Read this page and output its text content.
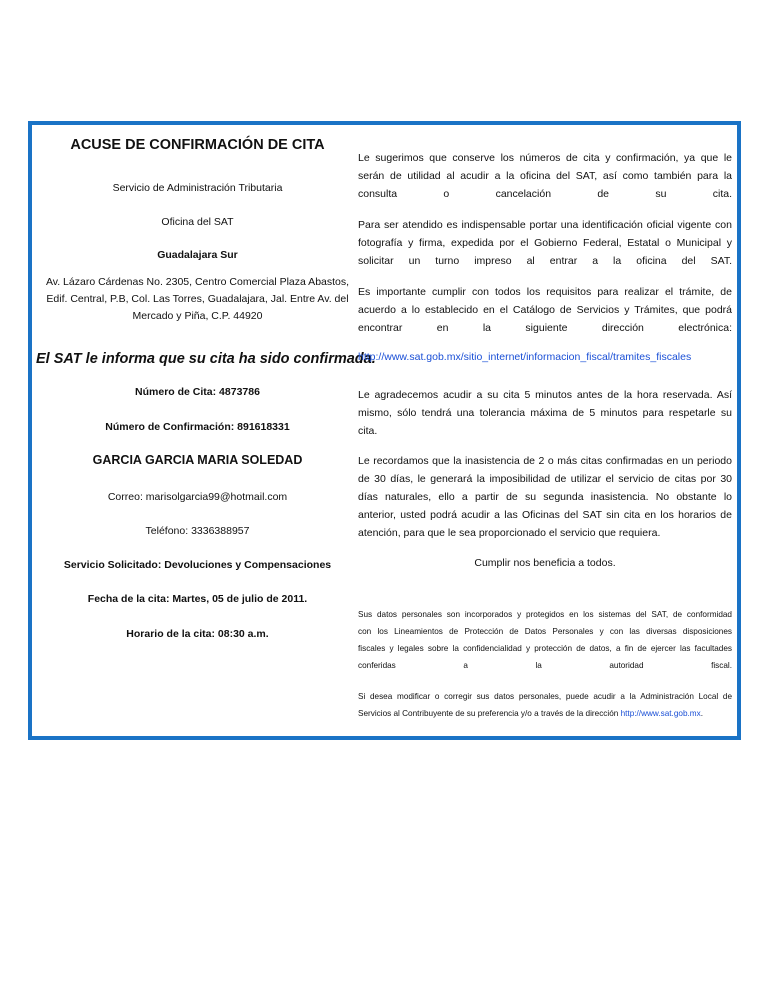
ACUSE DE CONFIRMACIÓN DE CITA
Servicio de Administración Tributaria
Oficina del SAT
Guadalajara Sur
Av. Lázaro Cárdenas No. 2305, Centro Comercial Plaza Abastos,
Edif. Central, P.B, Col. Las Torres, Guadalajara, Jal. Entre Av. del
Mercado y Piña, C.P. 44920
El SAT le informa que su cita ha sido confirmada.
Número de Cita: 4873786
Número de Confirmación: 891618331
GARCIA GARCIA MARIA SOLEDAD
Correo: marisolgarcia99@hotmail.com
Teléfono: 3336388957
Servicio Solicitado: Devoluciones y Compensaciones
Fecha de la cita: Martes, 05 de julio de 2011.
Horario de la cita: 08:30 a.m.
Le sugerimos que conserve los números de cita y confirmación, ya que le
serán de utilidad al acudir a la oficina del SAT, así como también para la
consulta o cancelación de su cita.
Para ser atendido es indispensable portar una identificación oficial vigente con
fotografía y firma, expedida por el Gobierno Federal, Estatal o Municipal y
solicitar un turno impreso al entrar a la oficina del SAT.
Es importante cumplir con todos los requisitos para realizar el trámite, de
acuerdo a lo establecido en el Catálogo de Servicios y Trámites, que podrá
encontrar en la siguiente dirección electrónica:
http://www.sat.gob.mx/sitio_internet/informacion_fiscal/tramites_fiscales
Le agradecemos acudir a su cita 5 minutos antes de la hora reservada. Así
mismo, sólo tendrá una tolerancia máxima de 5 minutos para respetarle su
cita.
Le recordamos que la inasistencia de 2 o más citas confirmadas en un periodo
de 30 días, le generará la imposibilidad de utilizar el servicio de citas por 30
días naturales, ello a partir de su segunda inasistencia. No obstante lo
anterior, usted podrá acudir a las Oficinas del SAT sin cita en los horarios de
atención, para que le sea proporcionado el servicio que requiera.
Cumplir nos beneficia a todos.
Sus datos personales son incorporados y protegidos en los sistemas del SAT, de conformidad
con los Lineamientos de Protección de Datos Personales y con las diversas disposiciones
fiscales y legales sobre la confidencialidad y protección de datos, a fin de ejercer las facultades
conferidas a la autoridad fiscal.
Si desea modificar o corregir sus datos personales, puede acudir a la Administración Local de
Servicios al Contribuyente de su preferencia y/o a través de la dirección http://www.sat.gob.mx.
